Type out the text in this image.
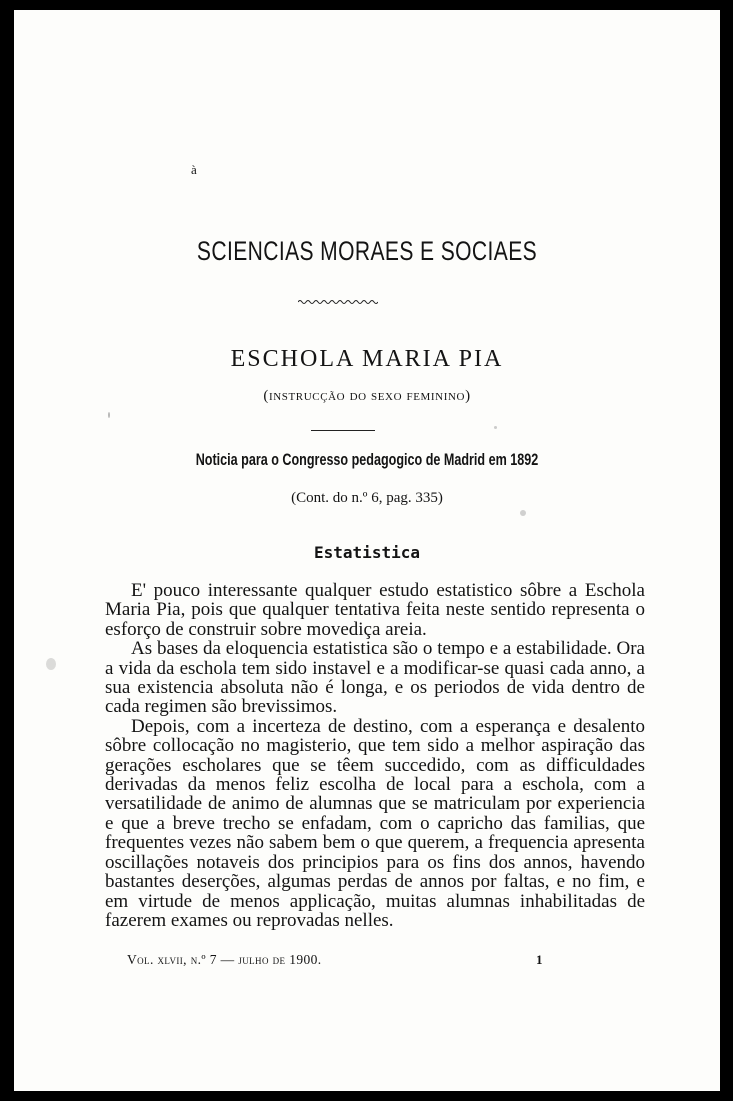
à
SCIENCIAS MORAES E SOCIAES
ESCHOLA MARIA PIA
(instrucção do sexo feminino)
Noticia para o Congresso pedagogico de Madrid em 1892
(Cont. do n.º 6, pag. 335)
Estatistica

E' pouco interessante qualquer estudo estatistico sôbre a Eschola Maria Pia, pois que qualquer tentativa feita neste sentido representa o esforço de construir sobre movediça areia.

As bases da eloquencia estatistica são o tempo e a estabilidade. Ora a vida da eschola tem sido instavel e a modificar-se quasi cada anno, a sua existencia absoluta não é longa, e os periodos de vida dentro de cada regimen são brevissimos.

Depois, com a incerteza de destino, com a esperança e desalento sôbre collocação no magisterio, que tem sido a melhor aspiração das gerações escholares que se têem succedido, com as difficuldades derivadas da menos feliz escolha de local para a eschola, com a versatilidade de animo de alumnas que se matriculam por experiencia e que a breve trecho se enfadam, com o capricho das familias, que frequentes vezes não sabem bem o que querem, a frequencia apresenta oscillações notaveis dos principios para os fins dos annos, havendo bastantes deserções, algumas perdas de annos por faltas, e no fim, e em virtude de menos applicação, muitas alumnas inhabilitadas de fazerem exames ou reprovadas nelles.

Vol. xlvii, n.º 7 — julho de 1900.	1
